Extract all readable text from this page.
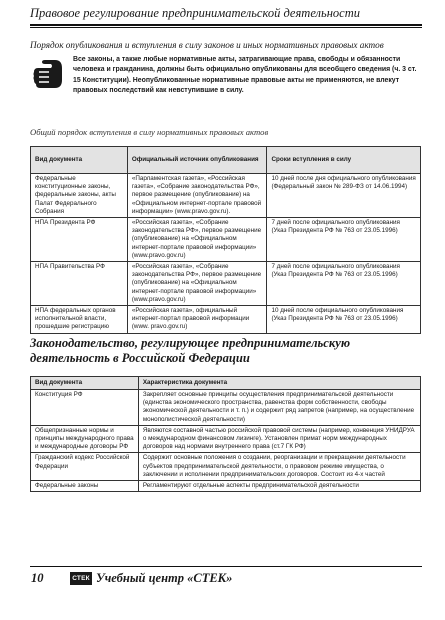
Правовое регулирование предпринимательской деятельности
Порядок опубликования и вступления в силу законов и иных нормативных правовых актов
Все законы, а также любые нормативные акты, затрагивающие права, свободы и обязанности человека и гражданина, должны быть официально опубликованы для всеобщего сведения (ч. 3 ст. 15 Конституции). Неопубликованные нормативные правовые акты не применяются, не влекут правовых последствий как невступившие в силу.
Общий порядок вступления в силу нормативных правовых актов
Вид документа	Официальный источник опубликования	Сроки вступления в силу
Федеральные конституционные законы, федеральные законы, акты Палат Федерального Собрания	«Парламентская газета», «Российская газета», «Собрание законодательства РФ», первое размещение (опубликование) на «Официальном интернет-портале правовой информации» (www.pravo.gov.ru).	10 дней после дня официального опубликования (Федеральный закон № 289-ФЗ от 14.06.1994)
НПА Президента РФ	«Российская газета», «Собрание законодательства РФ», первое размещение (опубликование) на «Официальном интернет-портале правовой информации» (www.pravo.gov.ru)	7 дней после официального опубликования (Указ Президента РФ № 763 от 23.05.1996)
НПА Правительства РФ	«Российская газета», «Собрание законодательства РФ», первое размещение (опубликование) на «Официальном интернет-портале правовой информации» (www.pravo.gov.ru)	7 дней после официального опубликования (Указ Президента РФ № 763 от 23.05.1996)
НПА федеральных органов исполнительной власти, прошедшие регистрацию	«Российская газета», официальный интернет-портал правовой информации (www. pravo.gov.ru)	10 дней после официального опубликования (Указ Президента РФ № 763 от 23.05.1996)
Законодательство, регулирующее предпринимательскую деятельность в Российской Федерации
Вид документа	Характеристика документа
Конституция РФ	Закрепляет основные принципы осуществления предпринимательской деятельности (единства экономического пространства, равенства форм собственности, свободы экономической деятельности и т. п.) и содержит ряд запретов (например, на осуществление монополистической деятельности)
Общепризнанные нормы и принципы международного права и международные договоры РФ	Являются составной частью российской правовой системы (например, конвенция УНИДРУА о международном финансовом лизинге). Установлен примат норм международных договоров над нормами внутреннего права (ст.7 ГК РФ)
Гражданский кодекс Российской Федерации	Содержит основные положения о создании, реорганизации и прекращении деятельности субъектов предпринимательской деятельности, о правовом режиме имущества, о заключении и исполнении предпринимательских договоров. Состоит из 4-х частей
Федеральные законы	Регламентируют отдельные аспекты предпринимательской деятельности
10	СТЕК Учебный центр «СТЕК»
